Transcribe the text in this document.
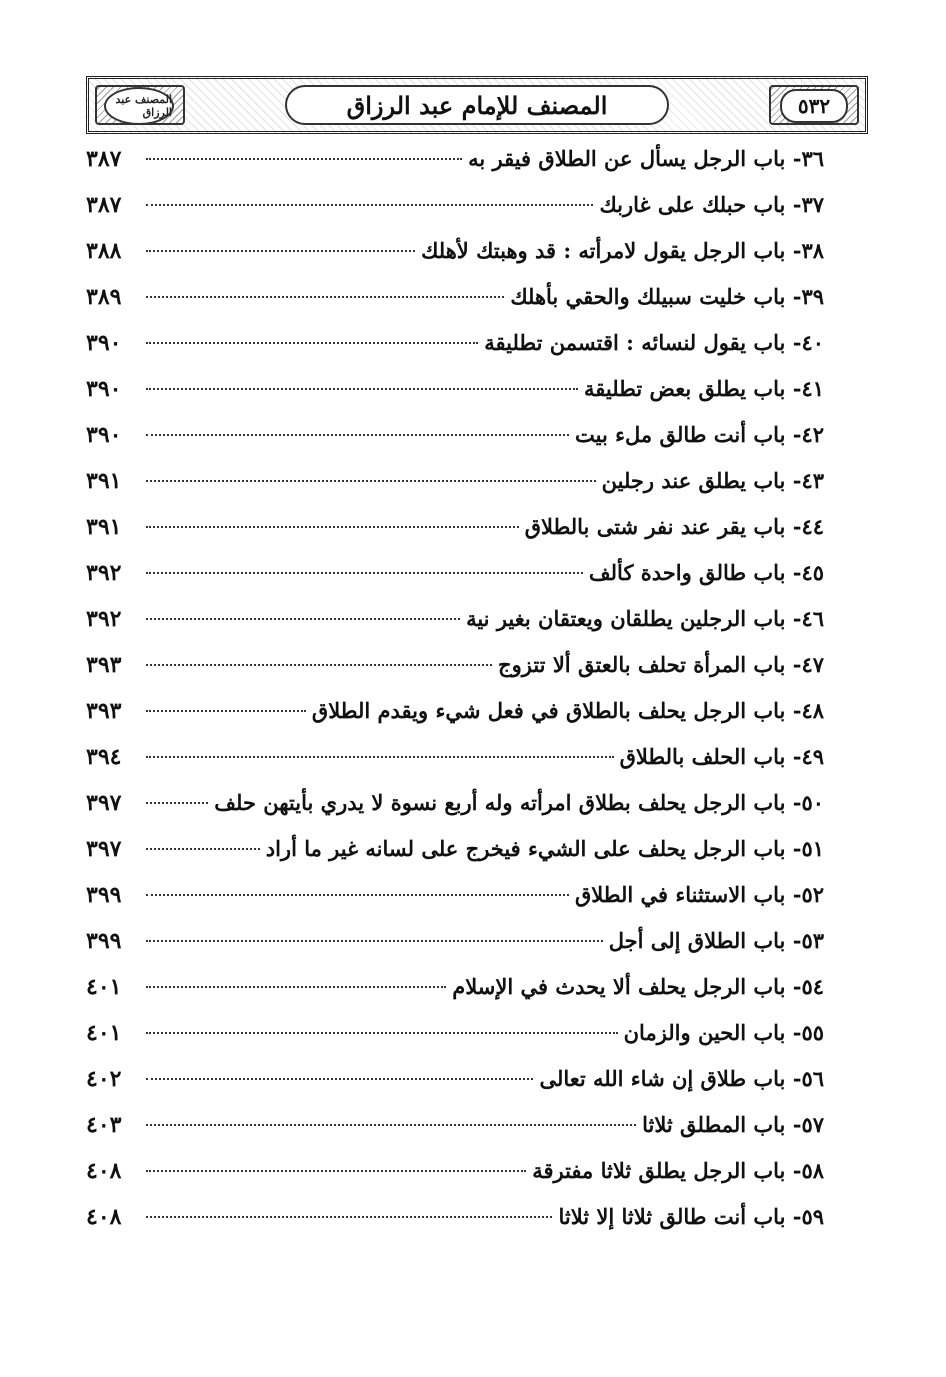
المصنف للإمام عبد الرزاق	٥٣٢
المصنف عبد الرزاق
٣٦- باب الرجل يسأل عن الطلاق فيقر به
٣٨٧
٣٧- باب حبلك على غاربك
٣٨٧
٣٨- باب الرجل يقول لامرأته : قد وهبتك لأهلك
٣٨٨
٣٩- باب خليت سبيلك والحقي بأهلك
٣٨٩
٤٠- باب يقول لنسائه : اقتسمن تطليقة
٣٩٠
٤١- باب يطلق بعض تطليقة
٣٩٠
٤٢- باب أنت طالق ملء بيت
٣٩٠
٤٣- باب يطلق عند رجلين
٣٩١
٤٤- باب يقر عند نفر شتى بالطلاق
٣٩١
٤٥- باب طالق واحدة كألف
٣٩٢
٤٦- باب الرجلين يطلقان ويعتقان بغير نية
٣٩٢
٤٧- باب المرأة تحلف بالعتق ألا تتزوج
٣٩٣
٤٨- باب الرجل يحلف بالطلاق في فعل شيء ويقدم الطلاق
٣٩٣
٤٩- باب الحلف بالطلاق
٣٩٤
٥٠- باب الرجل يحلف بطلاق امرأته وله أربع نسوة لا يدري بأيتهن حلف
٣٩٧
٥١- باب الرجل يحلف على الشيء فيخرج على لسانه غير ما أراد
٣٩٧
٥٢- باب الاستثناء في الطلاق
٣٩٩
٥٣- باب الطلاق إلى أجل
٣٩٩
٥٤- باب الرجل يحلف ألا يحدث في الإسلام
٤٠١
٥٥- باب الحين والزمان
٤٠١
٥٦- باب طلاق إن شاء الله تعالى
٤٠٢
٥٧- باب المطلق ثلاثا
٤٠٣
٥٨- باب الرجل يطلق ثلاثا مفترقة
٤٠٨
٥٩- باب أنت طالق ثلاثا إلا ثلاثا
٤٠٨
